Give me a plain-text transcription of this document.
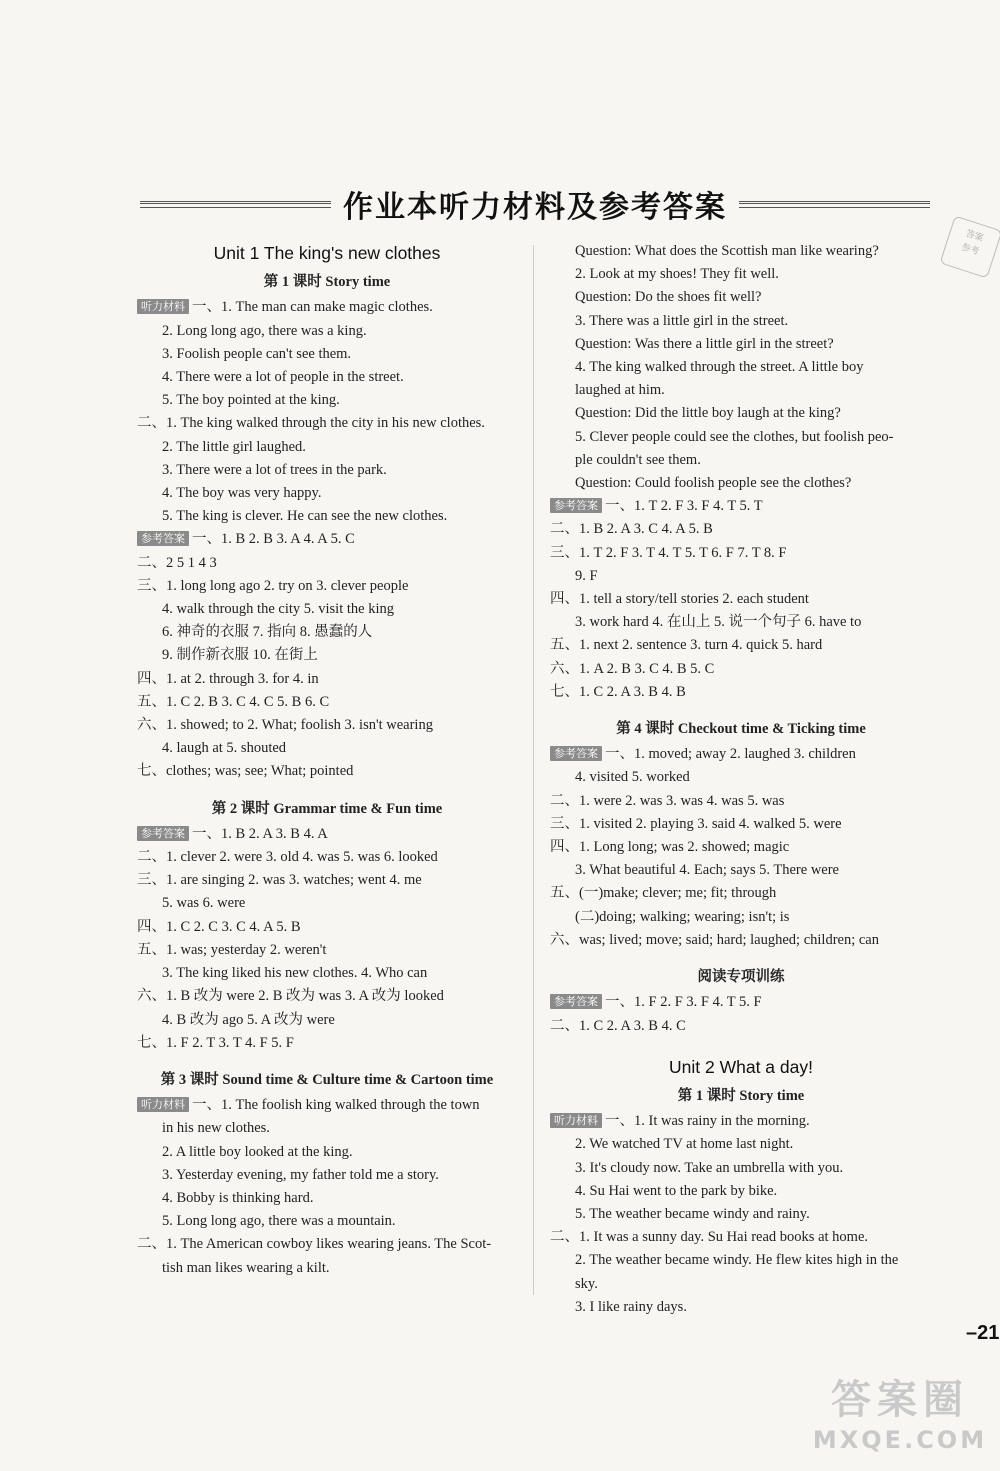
作业本听力材料及参考答案
答案
参考
Unit 1 The king's new clothes
第 1 课时 Story time
听力材料 一、1. The man can make magic clothes.
2. Long long ago, there was a king.
3. Foolish people can't see them.
4. There were a lot of people in the street.
5. The boy pointed at the king.
二、1. The king walked through the city in his new clothes.
2. The little girl laughed.
3. There were a lot of trees in the park.
4. The boy was very happy.
5. The king is clever. He can see the new clothes.
参考答案 一、1. B 2. B 3. A 4. A 5. C
二、2 5 1 4 3
三、1. long long ago 2. try on 3. clever people
4. walk through the city 5. visit the king
6. 神奇的衣服 7. 指向 8. 愚蠢的人
9. 制作新衣服 10. 在街上
四、1. at 2. through 3. for 4. in
五、1. C 2. B 3. C 4. C 5. B 6. C
六、1. showed; to 2. What; foolish 3. isn't wearing
4. laugh at 5. shouted
七、clothes; was; see; What; pointed
第 2 课时 Grammar time & Fun time
参考答案 一、1. B 2. A 3. B 4. A
二、1. clever 2. were 3. old 4. was 5. was 6. looked
三、1. are singing 2. was 3. watches; went 4. me
5. was 6. were
四、1. C 2. C 3. C 4. A 5. B
五、1. was; yesterday 2. weren't
3. The king liked his new clothes. 4. Who can
六、1. B 改为 were 2. B 改为 was 3. A 改为 looked
4. B 改为 ago 5. A 改为 were
七、1. F 2. T 3. T 4. F 5. F
第 3 课时 Sound time & Culture time & Cartoon time
听力材料 一、1. The foolish king walked through the town
in his new clothes.
2. A little boy looked at the king.
3. Yesterday evening, my father told me a story.
4. Bobby is thinking hard.
5. Long long ago, there was a mountain.
二、1. The American cowboy likes wearing jeans. The Scot-
tish man likes wearing a kilt.
Question: What does the Scottish man like wearing?
2. Look at my shoes! They fit well.
Question: Do the shoes fit well?
3. There was a little girl in the street.
Question: Was there a little girl in the street?
4. The king walked through the street. A little boy
laughed at him.
Question: Did the little boy laugh at the king?
5. Clever people could see the clothes, but foolish peo-
ple couldn't see them.
Question: Could foolish people see the clothes?
参考答案 一、1. T 2. F 3. F 4. T 5. T
二、1. B 2. A 3. C 4. A 5. B
三、1. T 2. F 3. T 4. T 5. T 6. F 7. T 8. F
9. F
四、1. tell a story/tell stories 2. each student
3. work hard 4. 在山上 5. 说一个句子 6. have to
五、1. next 2. sentence 3. turn 4. quick 5. hard
六、1. A 2. B 3. C 4. B 5. C
七、1. C 2. A 3. B 4. B
第 4 课时 Checkout time & Ticking time
参考答案 一、1. moved; away 2. laughed 3. children
4. visited 5. worked
二、1. were 2. was 3. was 4. was 5. was
三、1. visited 2. playing 3. said 4. walked 5. were
四、1. Long long; was 2. showed; magic
3. What beautiful 4. Each; says 5. There were
五、(一)make; clever; me; fit; through
(二)doing; walking; wearing; isn't; is
六、was; lived; move; said; hard; laughed; children; can
阅读专项训练
参考答案 一、1. F 2. F 3. F 4. T 5. F
二、1. C 2. A 3. B 4. C
Unit 2 What a day!
第 1 课时 Story time
听力材料 一、1. It was rainy in the morning.
2. We watched TV at home last night.
3. It's cloudy now. Take an umbrella with you.
4. Su Hai went to the park by bike.
5. The weather became windy and rainy.
二、1. It was a sunny day. Su Hai read books at home.
2. The weather became windy. He flew kites high in the
sky.
3. I like rainy days.
–21
答案圈
MXQE.COM
